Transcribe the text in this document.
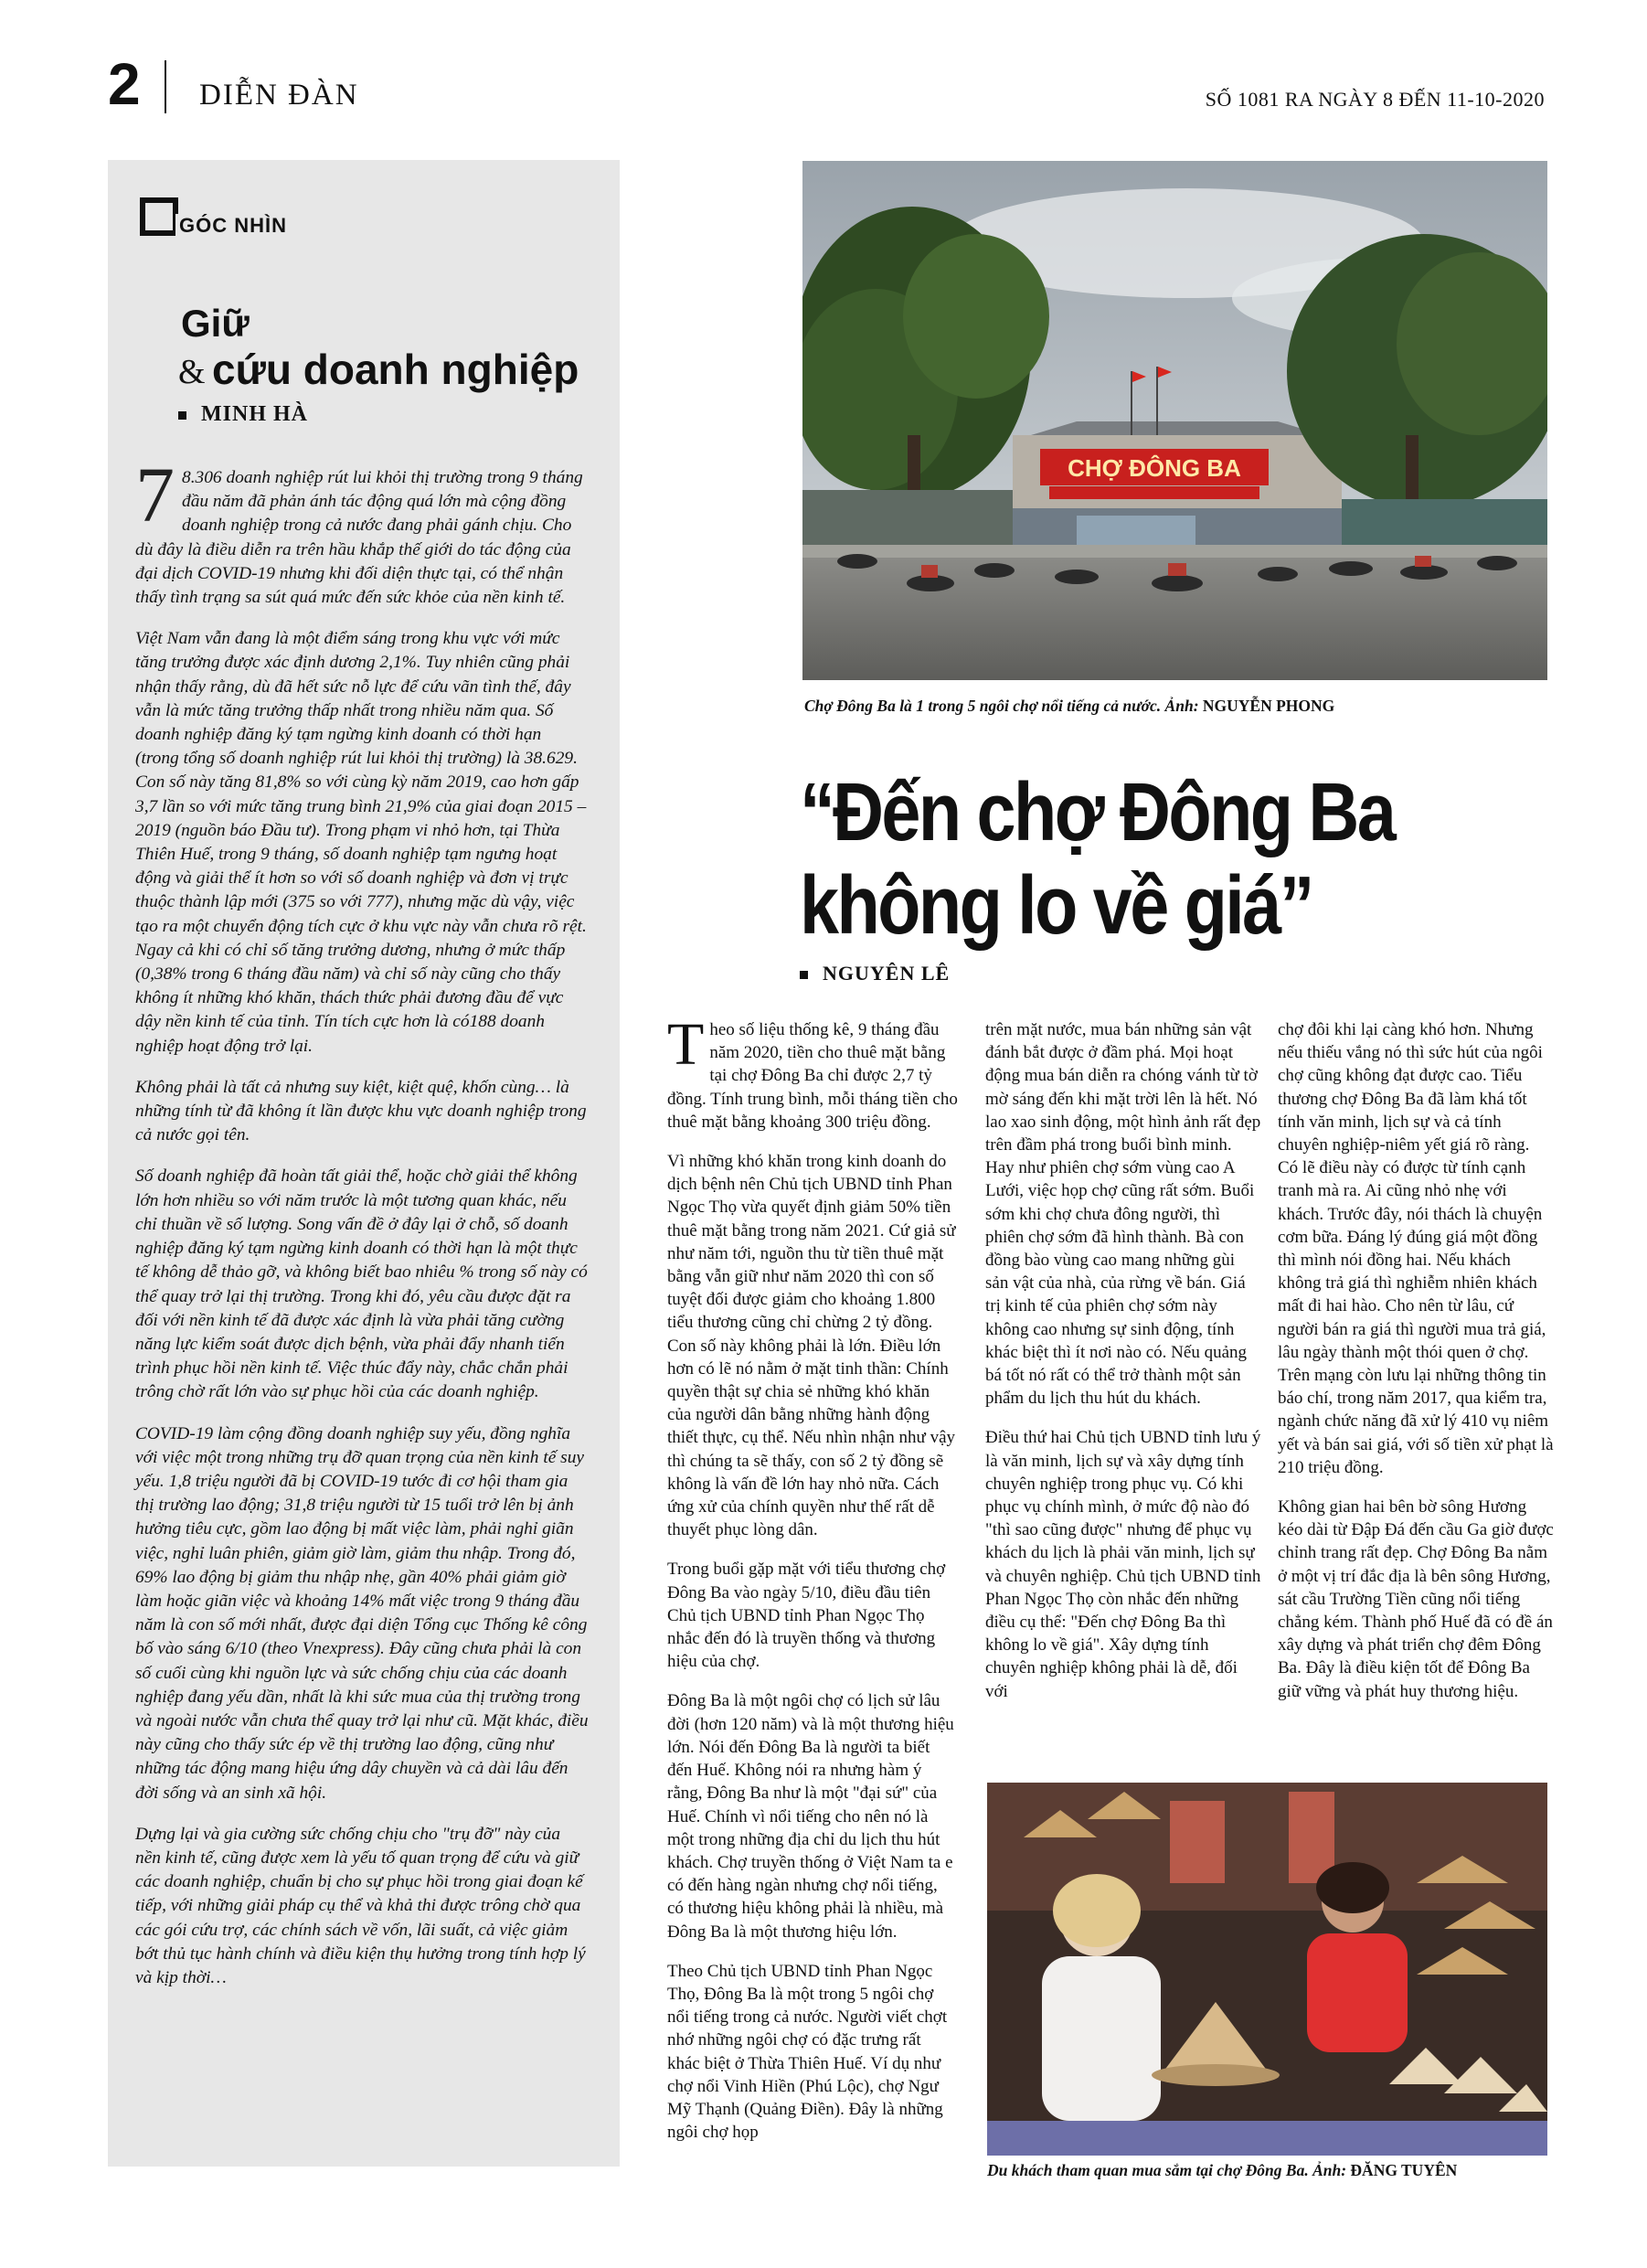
2 DIỄN ĐÀN	SỐ 1081 RA NGÀY 8 ĐẾN 11-10-2020
GÓC NHÌN
Giữ
& cứu doanh nghiệp
MINH HÀ

7 8.306 doanh nghiệp rút lui khỏi thị trường trong 9 tháng đầu năm đã phản ánh tác động quá lớn mà cộng đồng doanh nghiệp trong cả nước đang phải gánh chịu. Cho dù đây là điều diễn ra trên hầu khắp thế giới do tác động của đại dịch COVID-19 nhưng khi đối diện thực tại, có thể nhận thấy tình trạng sa sút quá mức đến sức khỏe của nền kinh tế.

Việt Nam vẫn đang là một điểm sáng trong khu vực với mức tăng trưởng được xác định dương 2,1%. Tuy nhiên cũng phải nhận thấy rằng, dù đã hết sức nỗ lực để cứu vãn tình thế, đây vẫn là mức tăng trưởng thấp nhất trong nhiều năm qua. Số doanh nghiệp đăng ký tạm ngừng kinh doanh có thời hạn (trong tổng số doanh nghiệp rút lui khỏi thị trường) là 38.629. Con số này tăng 81,8% so với cùng kỳ năm 2019, cao hơn gấp 3,7 lần so với mức tăng trung bình 21,9% của giai đoạn 2015 – 2019 (nguồn báo Đầu tư). Trong phạm vi nhỏ hơn, tại Thừa Thiên Huế, trong 9 tháng, số doanh nghiệp tạm ngưng hoạt động và giải thể ít hơn so với số doanh nghiệp và đơn vị trực thuộc thành lập mới (375 so với 777), nhưng mặc dù vậy, việc tạo ra một chuyển động tích cực ở khu vực này vẫn chưa rõ rệt. Ngay cả khi có chỉ số tăng trưởng dương, nhưng ở mức thấp (0,38% trong 6 tháng đầu năm) và chỉ số này cũng cho thấy không ít những khó khăn, thách thức phải đương đầu để vực dậy nền kinh tế của tỉnh. Tín tích cực hơn là có188 doanh nghiệp hoạt động trở lại.

Không phải là tất cả nhưng suy kiệt, kiệt quệ, khốn cùng… là những tính từ đã không ít lần được khu vực doanh nghiệp trong cả nước gọi tên.

Số doanh nghiệp đã hoàn tất giải thể, hoặc chờ giải thể không lớn hơn nhiều so với năm trước là một tương quan khác, nếu chỉ thuần về số lượng. Song vấn đề ở đây lại ở chỗ, số doanh nghiệp đăng ký tạm ngừng kinh doanh có thời hạn là một thực tế không dễ thảo gỡ, và không biết bao nhiêu % trong số này có thể quay trở lại thị trường. Trong khi đó, yêu cầu được đặt ra đối với nền kinh tế đã được xác định là vừa phải tăng cường năng lực kiểm soát được dịch bệnh, vừa phải đẩy nhanh tiến trình phục hồi nền kinh tế. Việc thúc đẩy này, chắc chắn phải trông chờ rất lớn vào sự phục hồi của các doanh nghiệp.

COVID-19 làm cộng đồng doanh nghiệp suy yếu, đồng nghĩa với việc một trong những trụ đỡ quan trọng của nền kinh tế suy yếu. 1,8 triệu người đã bị COVID-19 tước đi cơ hội tham gia thị trường lao động; 31,8 triệu người từ 15 tuổi trở lên bị ảnh hưởng tiêu cực, gồm lao động bị mất việc làm, phải nghỉ giãn việc, nghỉ luân phiên, giảm giờ làm, giảm thu nhập. Trong đó, 69% lao động bị giảm thu nhập nhẹ, gần 40% phải giảm giờ làm hoặc giãn việc và khoảng 14% mất việc trong 9 tháng đầu năm là con số mới nhất, được đại diện Tổng cục Thống kê công bố vào sáng 6/10 (theo Vnexpress). Đây cũng chưa phải là con số cuối cùng khi nguồn lực và sức chống chịu của các doanh nghiệp đang yếu dần, nhất là khi sức mua của thị trường trong và ngoài nước vẫn chưa thể quay trở lại như cũ. Mặt khác, điều này cũng cho thấy sức ép về thị trường lao động, cũng như những tác động mang hiệu ứng dây chuyền và cả dài lâu đến đời sống và an sinh xã hội.

Dựng lại và gia cường sức chống chịu cho "trụ đỡ" này của nền kinh tế, cũng được xem là yếu tố quan trọng để cứu và giữ các doanh nghiệp, chuẩn bị cho sự phục hồi trong giai đoạn kế tiếp, với những giải pháp cụ thể và khả thi được trông chờ qua các gói cứu trợ, các chính sách về vốn, lãi suất, cả việc giảm bớt thủ tục hành chính và điều kiện thụ hưởng trong tính hợp lý và kịp thời…

CHỢ ĐÔNG BA
Chợ Đông Ba là 1 trong 5 ngôi chợ nổi tiếng cả nước. Ảnh: NGUYỄN PHONG
“Đến chợ Đông Ba
không lo về giá”
NGUYÊN LÊ

Theo số liệu thống kê, 9 tháng đầu năm 2020, tiền cho thuê mặt bằng tại chợ Đông Ba chỉ được 2,7 tỷ đồng. Tính trung bình, mỗi tháng tiền cho thuê mặt bằng khoảng 300 triệu đồng.

Vì những khó khăn trong kinh doanh do dịch bệnh nên Chủ tịch UBND tỉnh Phan Ngọc Thọ vừa quyết định giảm 50% tiền thuê mặt bằng trong năm 2021. Cứ giả sử như năm tới, nguồn thu từ tiền thuê mặt bằng vẫn giữ như năm 2020 thì con số tuyệt đối được giảm cho khoảng 1.800 tiểu thương cũng chỉ chừng 2 tỷ đồng. Con số này không phải là lớn. Điều lớn hơn có lẽ nó nằm ở mặt tinh thần: Chính quyền thật sự chia sẻ những khó khăn của người dân bằng những hành động thiết thực, cụ thể. Nếu nhìn nhận như vậy thì chúng ta sẽ thấy, con số 2 tỷ đồng sẽ không là vấn đề lớn hay nhỏ nữa. Cách ứng xử của chính quyền như thế rất dễ thuyết phục lòng dân.

Trong buổi gặp mặt với tiểu thương chợ Đông Ba vào ngày 5/10, điều đầu tiên Chủ tịch UBND tỉnh Phan Ngọc Thọ nhắc đến đó là truyền thống và thương hiệu của chợ.

Đông Ba là một ngôi chợ có lịch sử lâu đời (hơn 120 năm) và là một thương hiệu lớn. Nói đến Đông Ba là người ta biết đến Huế. Không nói ra nhưng hàm ý rằng, Đông Ba như là một "đại sứ" của Huế. Chính vì nổi tiếng cho nên nó là một trong những địa chỉ du lịch thu hút khách. Chợ truyền thống ở Việt Nam ta e có đến hàng ngàn nhưng chợ nổi tiếng, có thương hiệu không phải là nhiều, mà Đông Ba là một thương hiệu lớn.

Theo Chủ tịch UBND tỉnh Phan Ngọc Thọ, Đông Ba là một trong 5 ngôi chợ nổi tiếng trong cả nước. Người viết chợt nhớ những ngôi chợ có đặc trưng rất khác biệt ở Thừa Thiên Huế. Ví dụ như chợ nổi Vinh Hiền (Phú Lộc), chợ Ngư Mỹ Thạnh (Quảng Điền). Đây là những ngôi chợ họp

trên mặt nước, mua bán những sản vật đánh bắt được ở đầm phá. Mọi hoạt động mua bán diễn ra chóng vánh từ tờ mờ sáng đến khi mặt trời lên là hết. Nó lao xao sinh động, một hình ảnh rất đẹp trên đầm phá trong buổi bình minh. Hay như phiên chợ sớm vùng cao A Lưới, việc họp chợ cũng rất sớm. Buổi sớm khi chợ chưa đông người, thì phiên chợ sớm đã hình thành. Bà con đồng bào vùng cao mang những gùi sản vật của nhà, của rừng về bán. Giá trị kinh tế của phiên chợ sớm này không cao nhưng sự sinh động, tính khác biệt thì ít nơi nào có. Nếu quảng bá tốt nó rất có thể trở thành một sản phẩm du lịch thu hút du khách.

Điều thứ hai Chủ tịch UBND tỉnh lưu ý là văn minh, lịch sự và xây dựng tính chuyên nghiệp trong phục vụ. Có khi phục vụ chính mình, ở mức độ nào đó "thì sao cũng được" nhưng để phục vụ khách du lịch là phải văn minh, lịch sự và chuyên nghiệp. Chủ tịch UBND tỉnh Phan Ngọc Thọ còn nhắc đến những điều cụ thể: "Đến chợ Đông Ba thì không lo về giá". Xây dựng tính chuyên nghiệp không phải là dễ, đối với

chợ đôi khi lại càng khó hơn. Nhưng nếu thiếu vắng nó thì sức hút của ngôi chợ cũng không đạt được cao. Tiểu thương chợ Đông Ba đã làm khá tốt tính văn minh, lịch sự và cả tính chuyên nghiệp-niêm yết giá rõ ràng. Có lẽ điều này có được từ tính cạnh tranh mà ra. Ai cũng nhỏ nhẹ với khách. Trước đây, nói thách là chuyện cơm bữa. Đáng lý đúng giá một đồng thì mình nói đồng hai. Nếu khách không trả giá thì nghiễm nhiên khách mất đi hai hào. Cho nên từ lâu, cứ người bán ra giá thì người mua trả giá, lâu ngày thành một thói quen ở chợ. Trên mạng còn lưu lại những thông tin báo chí, trong năm 2017, qua kiểm tra, ngành chức năng đã xử lý 410 vụ niêm yết và bán sai giá, với số tiền xử phạt là 210 triệu đồng.

Không gian hai bên bờ sông Hương kéo dài từ Đập Đá đến cầu Ga giờ được chỉnh trang rất đẹp. Chợ Đông Ba nằm ở một vị trí đắc địa là bên sông Hương, sát cầu Trường Tiền cũng nổi tiếng chẳng kém. Thành phố Huế đã có đề án xây dựng và phát triển chợ đêm Đông Ba. Đây là điều kiện tốt để Đông Ba giữ vững và phát huy thương hiệu.

Du khách tham quan mua sắm tại chợ Đông Ba. Ảnh: ĐĂNG TUYÊN
